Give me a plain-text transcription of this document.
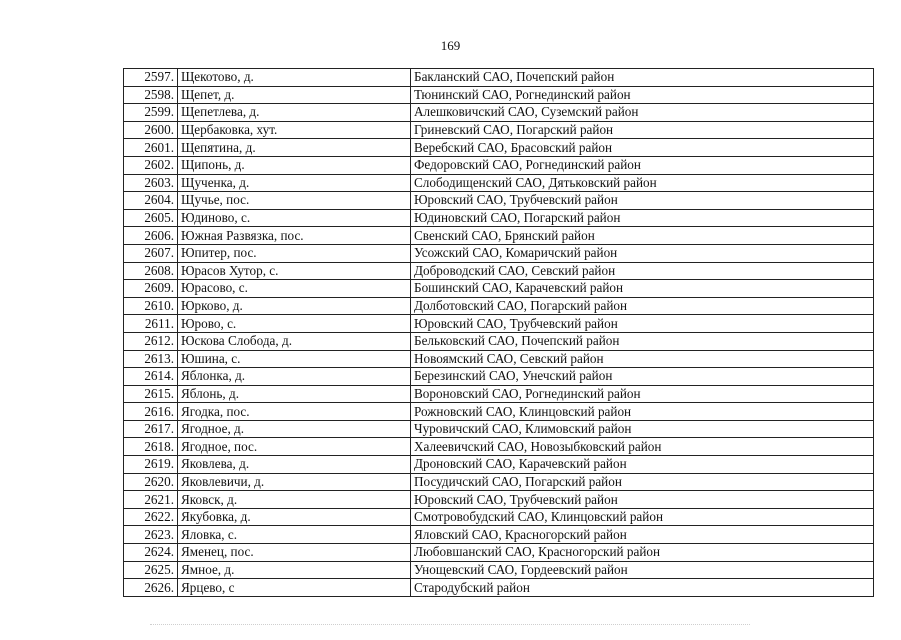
169
2597.	Щекотово, д.	Бакланский САО, Почепский район
2598.	Щепет, д.	Тюнинский САО, Рогнединский район
2599.	Щепетлева, д.	Алешковичский САО, Суземский район
2600.	Щербаковка, хут.	Гриневский САО, Погарский район
2601.	Щепятина, д.	Веребский САО, Брасовский район
2602.	Щипонь, д.	Федоровский САО, Рогнединский район
2603.	Щученка, д.	Слободищенский САО, Дятьковский район
2604.	Щучье, пос.	Юровский САО, Трубчевский район
2605.	Юдиново, с.	Юдиновский САО, Погарский район
2606.	Южная Развязка, пос.	Свенский САО, Брянский район
2607.	Юпитер, пос.	Усожский САО, Комаричский район
2608.	Юрасов Хутор, с.	Доброводский САО, Севский район
2609.	Юрасово, с.	Бошинский САО, Карачевский район
2610.	Юрково, д.	Долботовский САО, Погарский район
2611.	Юрово, с.	Юровский САО, Трубчевский район
2612.	Юскова Слобода, д.	Бельковский САО, Почепский район
2613.	Юшина, с.	Новоямский САО, Севский район
2614.	Яблонка, д.	Березинский САО, Унечский район
2615.	Яблонь, д.	Вороновский САО, Рогнединский район
2616.	Ягодка, пос.	Рожновский САО, Клинцовский район
2617.	Ягодное, д.	Чуровичский САО, Климовский район
2618.	Ягодное, пос.	Халеевичский САО, Новозыбковский район
2619.	Яковлева, д.	Дроновский САО, Карачевский район
2620.	Яковлевичи, д.	Посудичский САО, Погарский район
2621.	Яковск, д.	Юровский САО, Трубчевский район
2622.	Якубовка, д.	Смотровобудский САО, Клинцовский район
2623.	Яловка, с.	Яловский САО, Красногорский район
2624.	Яменец, пос.	Любовшанский САО, Красногорский район
2625.	Ямное, д.	Унощевский САО, Гордеевский район
2626.	Ярцево, с	Стародубский район
